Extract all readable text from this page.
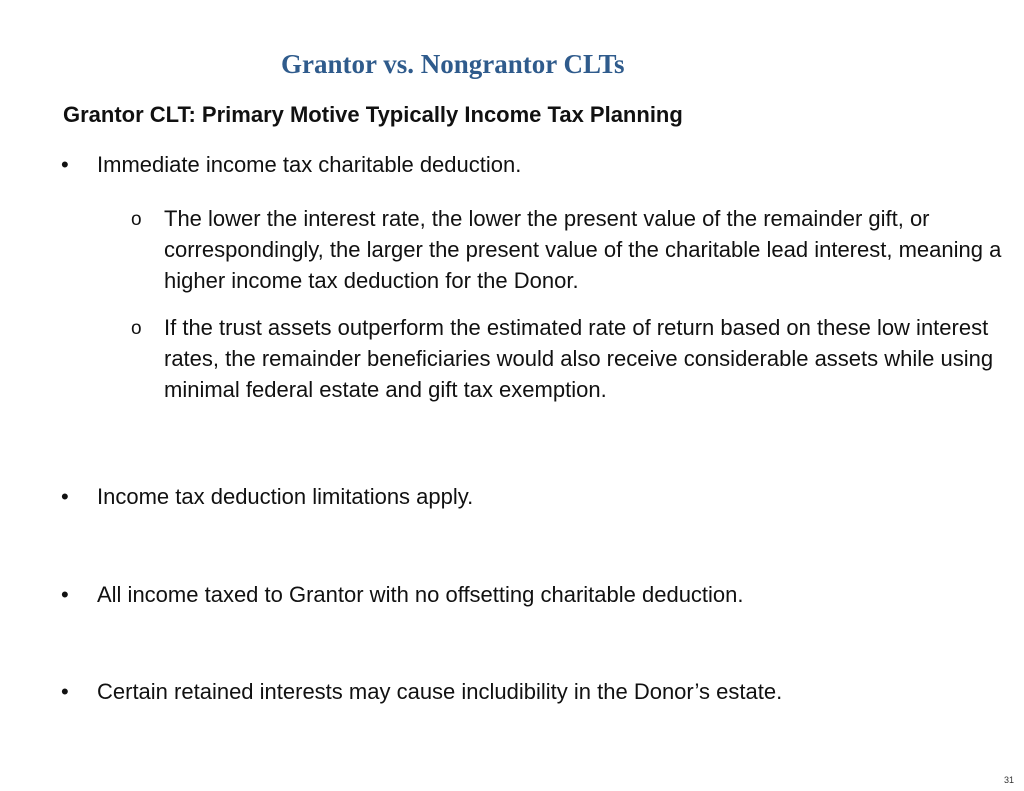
Grantor vs. Nongrantor CLTs
Grantor CLT: Primary Motive Typically Income Tax Planning
• Immediate income tax charitable deduction.
o The lower the interest rate, the lower the present value of the remainder gift, or correspondingly, the larger the present value of the charitable lead interest, meaning a higher income tax deduction for the Donor.
o If the trust assets outperform the estimated rate of return based on these low interest rates, the remainder beneficiaries would also receive considerable assets while using minimal federal estate and gift tax exemption.
• Income tax deduction limitations apply.
• All income taxed to Grantor with no offsetting charitable deduction.
• Certain retained interests may cause includibility in the Donor’s estate.
31
